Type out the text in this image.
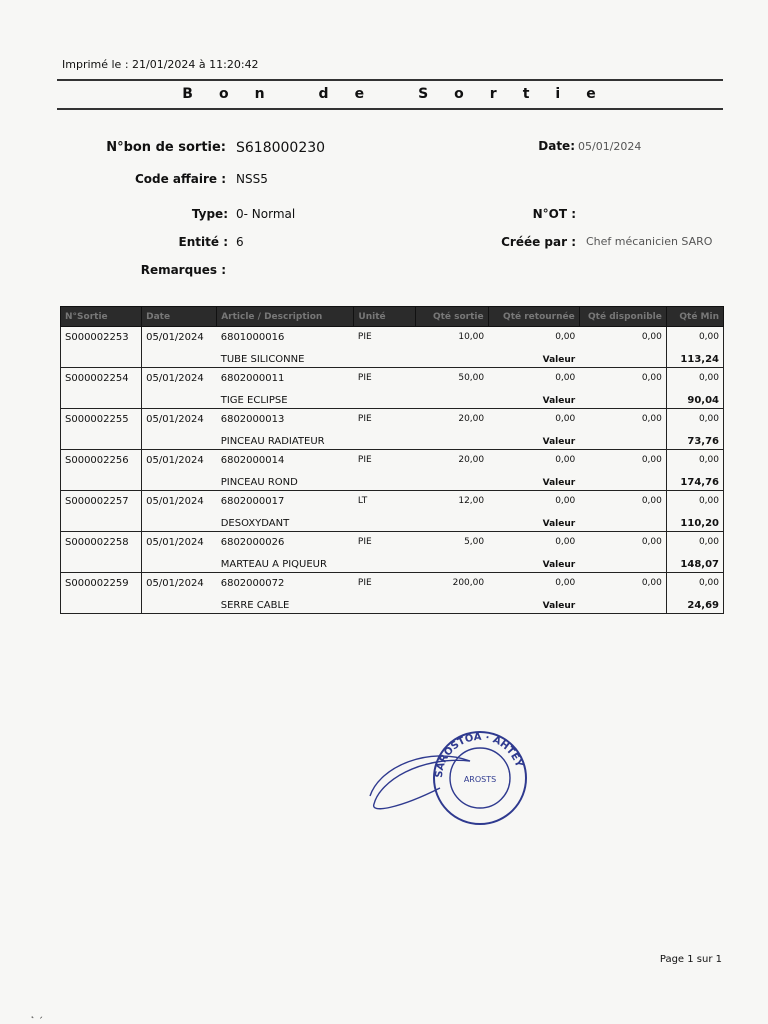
Imprimé le : 21/01/2024 à 11:20:42
B o n	d e	S o r t i e
N°bon de sortie: S618000230	Date: 05/01/2024
Code affaire : NSS5
Type: 0- Normal	N°OT :
Entité : 6	Créée par : Chef mécanicien SARO
Remarques :
N°Sortie	Date	Article / Description	Unité	Qté sortie	Qté retournée	Qté disponible	Qté Min
S000002253	05/01/2024	6801000016	PIE	10,00	0,00	0,00	0,00
		TUBE SILICONNE			Valeur		113,24
S000002254	05/01/2024	6802000011	PIE	50,00	0,00	0,00	0,00
		TIGE ECLIPSE			Valeur		90,04
S000002255	05/01/2024	6802000013	PIE	20,00	0,00	0,00	0,00
		PINCEAU RADIATEUR			Valeur		73,76
S000002256	05/01/2024	6802000014	PIE	20,00	0,00	0,00	0,00
		PINCEAU ROND			Valeur		174,76
S000002257	05/01/2024	6802000017	LT	12,00	0,00	0,00	0,00
		DESOXYDANT			Valeur		110,20
S000002258	05/01/2024	6802000026	PIE	5,00	0,00	0,00	0,00
		MARTEAU A PIQUEUR			Valeur		148,07
S000002259	05/01/2024	6802000072	PIE	200,00	0,00	0,00	0,00
		SERRE CABLE			Valeur		24,69
SAROSTOA · AHTEY
AROSTS
Page 1 sur 1
˛ ˏ
